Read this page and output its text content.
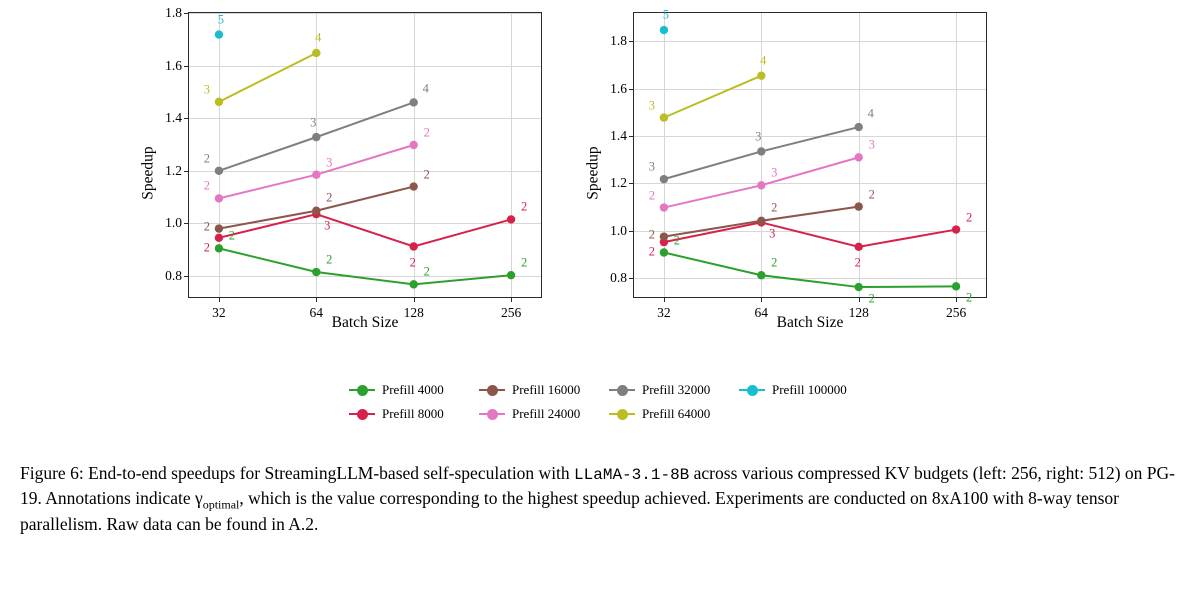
Speedup
0.8
1.0
1.2
1.4
1.6
1.8
32	64	128	256
2
2
2
2
2
3
2
2
2
2
2
2
3
2
2
3
4
3
4
5
Batch Size
Speedup
0.8
1.0
1.2
1.4
1.6
1.8
32	64	128	256
2
2
2	2
2
3
2
2
2
2
2
2
3
3
3
3
4
3
4
5
Batch Size
Prefill 4000	Prefill 16000	Prefill 32000	Prefill 100000
Prefill 8000	Prefill 24000	Prefill 64000
Figure 6: End-to-end speedups for StreamingLLM-based self-speculation with LLaMA-3.1-8B across various compressed KV budgets (left: 256, right: 512) on PG-19. Annotations indicate $\gamma_{optimal}$, which is the value corresponding to the highest speedup achieved. Experiments are conducted on 8xA100 with 8-way tensor parallelism. Raw data can be found in A.2.
